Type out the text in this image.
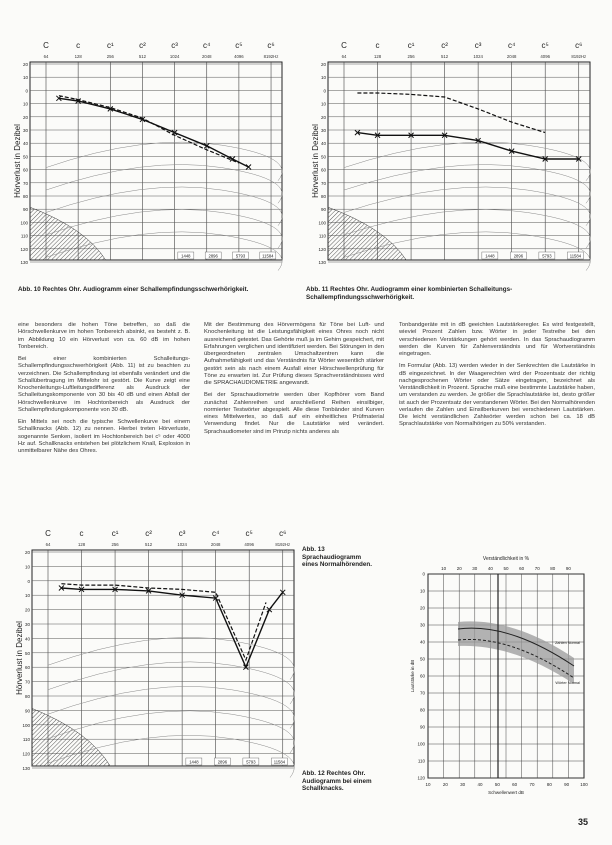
C
64
c
128
c¹
256
c²
512
c³
1024
c⁴
2048
c⁵
4096
c⁶
8192Hz
20
10
0
10
20
30
40
50
60
70
80
90
100
110
120
130
Hörverlust in Dezibel
1448	2896	5793	11584
Abb. 10 Rechtes Ohr. Audiogramm einer Schallempfindungsschwerhörigkeit.
C
64
c
128
c¹
256
c²
512
c³
1024
c⁴
2048
c⁵
4096
c⁶
8192Hz
20
10
0
10
20
30
40
50
60
70
80
90
100
110
120
130
Hörverlust in Dezibel
1448	2896	5793	11584
Abb. 11 Rechtes Ohr. Audiogramm einer kombinierten Schalleitungs-Schallempfindungsschwerhörigkeit.

eine besonders die hohen Töne betreffen, so daß die Hörschwellenkurve im hohen Tonbereich absinkt, es besteht z. B. im Abbildung 10 ein Hörverlust von ca. 60 dB im hohen Tonbereich.

Bei einer kombinierten Schalleitungs-Schallempfindungsschwerhörigkeit (Abb. 11) ist zu beachten zu verzeichnen. Die Schallempfindung ist ebenfalls verändert und die Schallübertragung im Mittelohr ist gestört. Die Kurve zeigt eine Knochenleitungs-Luftleitungsdifferenz als Ausdruck der Schalleitungskomponente von 30 bis 40 dB und einen Abfall der Hörschwellenkurve im Hochtonbereich als Ausdruck der Schallempfindungskomponente von 30 dB.

Ein Mittels sei noch die typische Schwellenkurve bei einem Schallknacks (Abb. 12) zu nennen. Hierbei treten Hörverluste, sogenannte Senken, isoliert im Hochtonbereich bei c⁵ oder 4000 Hz auf. Schallknacks entstehen bei plötzlichem Knall, Explosion in unmittelbarer Nähe des Ohres.

Mit der Bestimmung des Hörvermögens für Töne bei Luft- und Knochenleitung ist die Leistungsfähigkeit eines Ohres noch nicht ausreichend getestet. Das Gehörte muß ja im Gehirn gespeichert, mit Erfahrungen verglichen und identifiziert werden. Bei Störungen in den übergeordneten zentralen Umschaltzentren kann die Aufnahmefähigkeit und das Verständnis für Wörter wesentlich stärker gestört sein als nach einem Ausfall einer Hörschwellenprüfung für Töne zu erwarten ist. Zur Prüfung dieses Sprachverständnisses wird die SPRACHAUDIOMETRIE angewandt.

Bei der Sprachaudiometrie werden über Kopfhörer vom Band zunächst Zahlenreihen und anschließend Reihen einsilbiger, normierter Testwörter abgespielt. Alle diese Tonbänder sind Kurven eines Mittelwertes, so daß auf ein einheitliches Prüfmaterial Verwendung findet. Nur die Lautstärke wird verändert. Sprachaudiometer sind im Prinzip nichts anderes als

Tonbandgeräte mit in dB geeichten Lautstärkeregler. Es wird festgestellt, wieviel Prozent Zahlen bzw. Wörter in jeder Testreihe bei den verschiedenen Verstärkungen gehört werden. In das Sprachaudiogramm werden die Kurven für Zahlenverständnis und für Wortverständnis eingetragen.

Im Formular (Abb. 13) werden wieder in der Senkrechten die Lautstärke in dB eingezeichnet. In der Waagerechten wird der Prozentsatz der richtig nachgesprochenen Wörter oder Sätze eingetragen, bezeichnet als Verständlichkeit in Prozent. Sprache muß eine bestimmte Lautstärke haben, um verstanden zu werden. Je größer die Sprachlautstärke ist, desto größer ist auch der Prozentsatz der verstandenen Wörter. Bei den Normalhörenden verlaufen die Zahlen und Einsilberkurven bei verschiedenen Lautstärken. Die leicht verständlichen Zahlwörter werden schon bei ca. 18 dB Sprachlautstärke von Normalhörigen zu 50% verstanden.

C
64
c
128
c¹
256
c²
512
c³
1024
c⁴
2048
c⁵
4096
c⁶
8192Hz
20
10
0
10
20
30
40
50
60
70
80
90
100
110
120
130
Hörverlust in Dezibel
1448	2896	5793	11584
Abb. 13 Sprachaudiogramm eines Normalhörenden.
Abb. 12 Rechtes Ohr. Audiogramm bei einem Schallknacks.
Verständlichkeit in %
10 20 30 40 50 60 70 80 90
0
10
20
30
40
50
60
70
80
90
100
110
120
Lautstärke in dB
10	20	30	40	50	60	70	80	90 100
Schwellenwert dB
Zahlen Normal
Wörter Normal
35
